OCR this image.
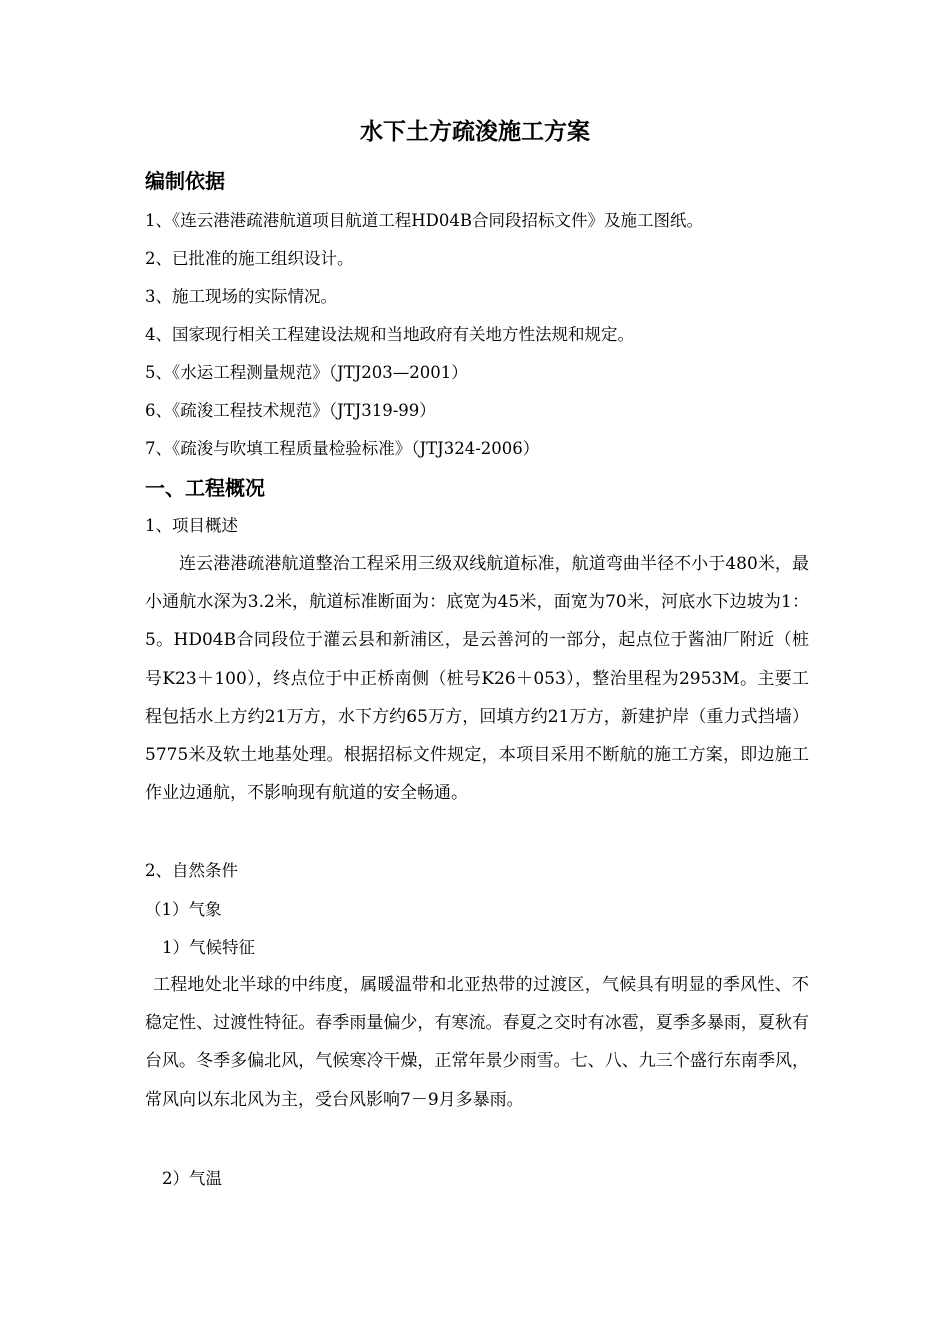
水下土方疏浚施工方案
编制依据
1、《连云港港疏港航道项目航道工程HD04B合同段招标文件》及施工图纸。
2、已批准的施工组织设计。
3、施工现场的实际情况。
4、国家现行相关工程建设法规和当地政府有关地方性法规和规定。
5、《水运工程测量规范》（JTJ203—2001）
6、《疏浚工程技术规范》（JTJ319-99）
7、《疏浚与吹填工程质量检验标准》（JTJ324-2006）
一、工程概况
1、项目概述
连云港港疏港航道整治工程采用三级双线航道标准，航道弯曲半径不小于480米，最小通航水深为3.2米，航道标准断面为：底宽为45米，面宽为70米，河底水下边坡为1：5。HD04B合同段位于灌云县和新浦区，是云善河的一部分，起点位于酱油厂附近（桩号K23＋100），终点位于中正桥南侧（桩号K26＋053），整治里程为2953M。主要工程包括水上方约21万方，水下方约65万方，回填方约21万方，新建护岸（重力式挡墙）5775米及软土地基处理。根据招标文件规定，本项目采用不断航的施工方案，即边施工作业边通航，不影响现有航道的安全畅通。
2、自然条件
（1）气象
1）气候特征
工程地处北半球的中纬度，属暖温带和北亚热带的过渡区，气候具有明显的季风性、不稳定性、过渡性特征。春季雨量偏少，有寒流。春夏之交时有冰雹，夏季多暴雨，夏秋有台风。冬季多偏北风，气候寒冷干燥，正常年景少雨雪。七、八、九三个盛行东南季风，常风向以东北风为主，受台风影响7－9月多暴雨。
2）气温
